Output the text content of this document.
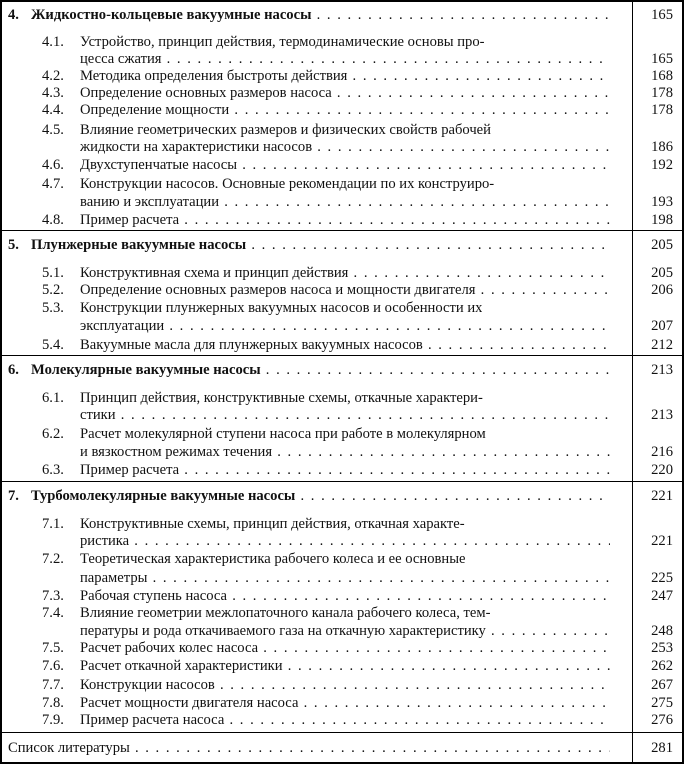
4. Жидкостно-кольцевые вакуумные насосы . . .	165
4.1. Устройство, принцип действия, термодинамические основы про-
цесса сжатия . . .	165
4.2. Методика определения быстроты действия . . .	168
4.3. Определение основных размеров насоса . . .	178
4.4. Определение мощности . . .	178
4.5. Влияние геометрических размеров и физических свойств рабочей
жидкости на характеристики насосов . . .	186
4.6. Двухступенчатые насосы . . .	192
4.7. Конструкции насосов. Основные рекомендации по их конструиро-
ванию и эксплуатации . . .	193
4.8. Пример расчета . . .	198
5. Плунжерные вакуумные насосы . . .	205
5.1. Конструктивная схема и принцип действия . . .	205
5.2. Определение основных размеров насоса и мощности двигателя . . .	206
5.3. Конструкции плунжерных вакуумных насосов и особенности их
эксплуатации . . .	207
5.4. Вакуумные масла для плунжерных вакуумных насосов . . .	212
6. Молекулярные вакуумные насосы . . .	213
6.1. Принцип действия, конструктивные схемы, откачные характери-
стики . . .	213
6.2. Расчет молекулярной ступени насоса при работе в молекулярном
и вязкостном режимах течения . . .	216
6.3. Пример расчета . . .	220
7. Турбомолекулярные вакуумные насосы . . .	221
7.1. Конструктивные схемы, принцип действия, откачная характе-
ристика . . .	221
7.2. Теоретическая характеристика рабочего колеса и ее основные
параметры . . .	225
7.3. Рабочая ступень насоса . . .	247
7.4. Влияние геометрии межлопаточного канала рабочего колеса, тем-
пературы и рода откачиваемого газа на откачную характеристику . . .	248
7.5. Расчет рабочих колес насоса . . .	253
7.6. Расчет откачной характеристики . . .	262
7.7. Конструкции насосов . . .	267
7.8. Расчет мощности двигателя насоса . . .	275
7.9. Пример расчета насоса . . .	276
Список литературы . . .	281
